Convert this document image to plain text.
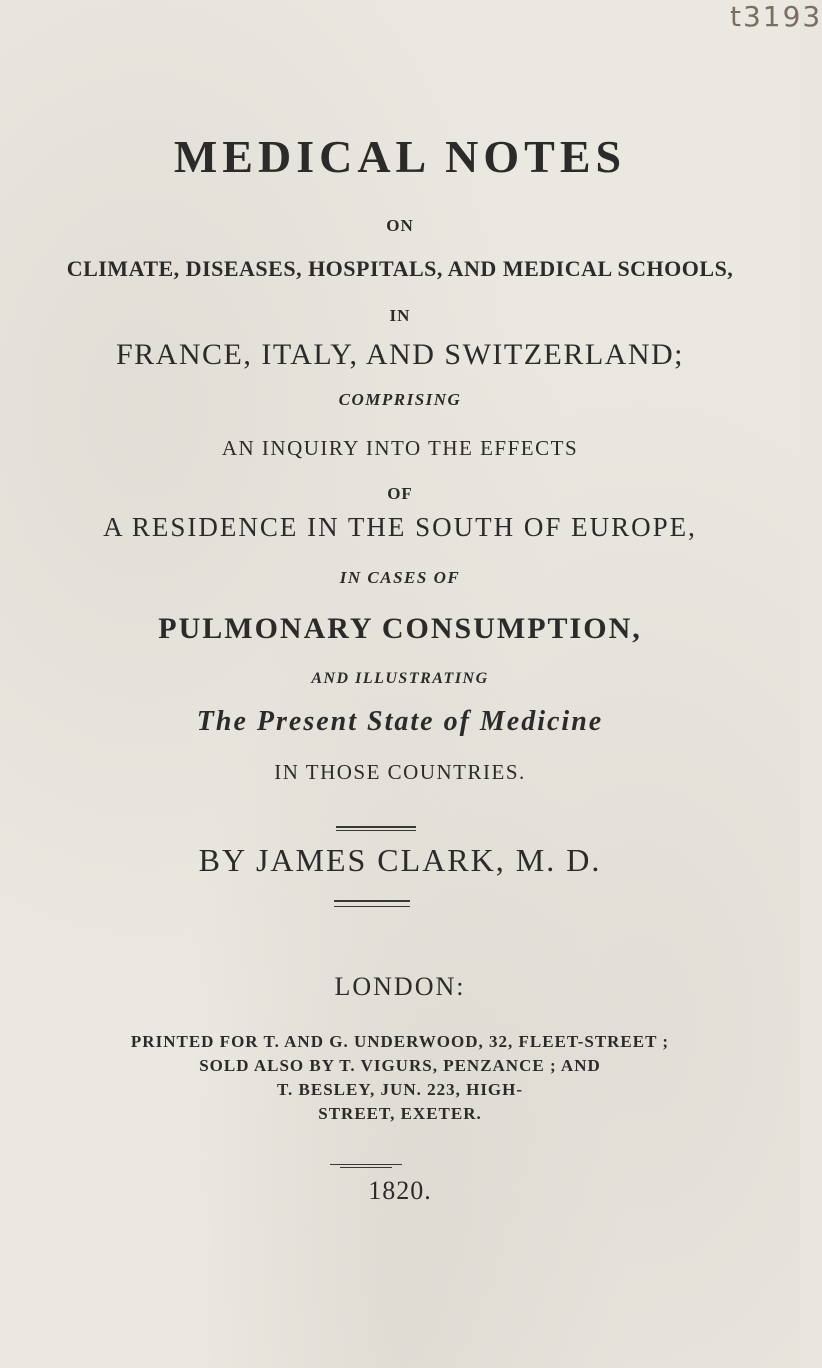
t3193
MEDICAL NOTES
ON
CLIMATE, DISEASES, HOSPITALS, AND MEDICAL SCHOOLS,
IN
FRANCE, ITALY, AND SWITZERLAND;
COMPRISING
AN INQUIRY INTO THE EFFECTS
OF
A RESIDENCE IN THE SOUTH OF EUROPE,
IN CASES OF
PULMONARY CONSUMPTION,
AND ILLUSTRATING
The Present State of Medicine
IN THOSE COUNTRIES.
BY JAMES CLARK, M. D.
LONDON:
PRINTED FOR T. AND G. UNDERWOOD, 32, FLEET-STREET ;
SOLD ALSO BY T. VIGURS, PENZANCE ; AND
T. BESLEY, JUN. 223, HIGH-
STREET, EXETER.
1820.
